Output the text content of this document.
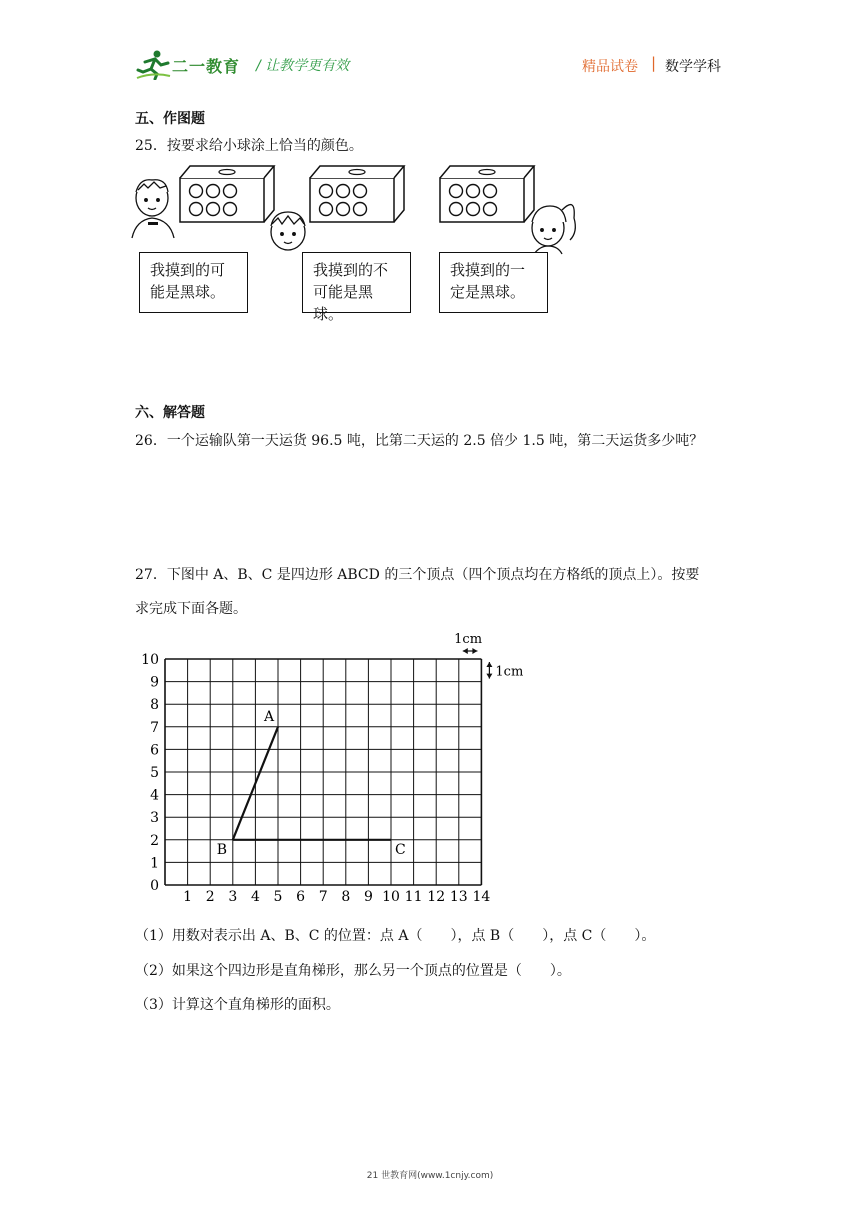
二一教育 / 让教学更有效	精品试卷 | 数学学科
五、作图题
25．按要求给小球涂上恰当的颜色。
我摸到的可
能是黑球。
我摸到的不
可能是黑球。
我摸到的一
定是黑球。
六、解答题
26．一个运输队第一天运货 96.5 吨，比第二天运的 2.5 倍少 1.5 吨，第二天运货多少吨？
27．下图中 A、B、C 是四边形 ABCD 的三个顶点（四个顶点均在方格纸的顶点上）。按要
求完成下面各题。
1 2 3 4 5 6 7 8 9 10 11 12 13 14
0
1
2
3
4
5
6
7
8
9
10
A
B	C
1cm
1cm
（1）用数对表示出 A、B、C 的位置：点 A（　　），点 B（　　），点 C（　　）。
（2）如果这个四边形是直角梯形，那么另一个顶点的位置是（　　）。
（3）计算这个直角梯形的面积。
21 世教育网(www.1cnjy.com)
